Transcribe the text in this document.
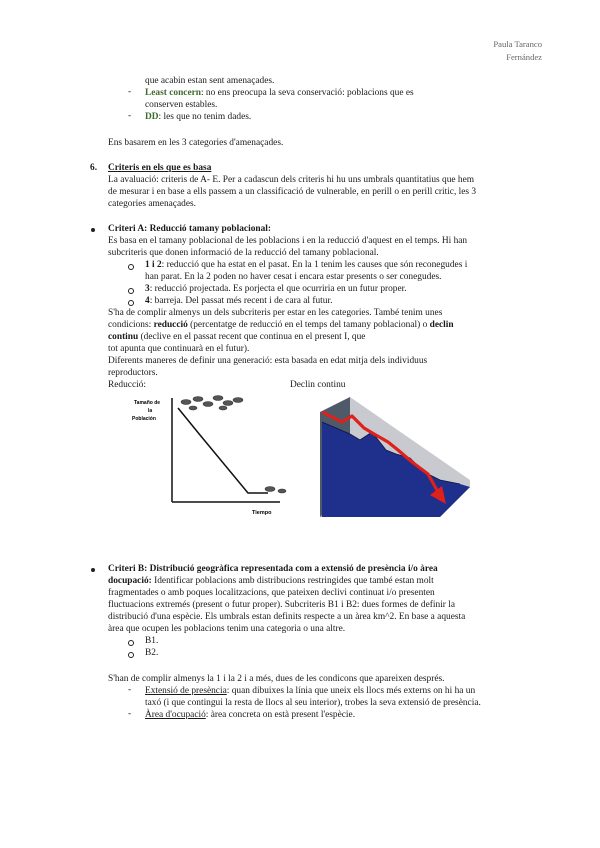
Paula Taranco
Fernández
que acabin estan sent amenaçades.
- Least concern: no ens preocupa la seva conservació: poblacions que es
conserven estables.
- DD: les que no tenim dades.
Ens basarem en les 3 categories d'amenaçades.
6. Criteris en els que es basa
La avaluació: criteris de A- E. Per a cadascun dels criteris hi hu uns umbrals quantitatius que hem
de mesurar i en base a ells passem a un classificació de vulnerable, en perill o en perill critic, les 3
categories amenaçades.
Criteri A: Reducció tamany poblacional:
Es basa en el tamany poblacional de les poblacions i en la reducció d'aquest en el temps. Hi han
subcriteris que donen informació de la reducció del tamany poblacional.
1 i 2: reducció que ha estat en el pasat. En la 1 tenim les causes que són reconegudes i
han parat. En la 2 poden no haver cesat i encara estar presents o ser conegudes.
3: reducció projectada. Es porjecta el que ocurriria en un futur proper.
4: barreja. Del passat més recent i de cara al futur.
S'ha de complir almenys un dels subcriteris per estar en les categories. També tenim unes
condicions: reducció (percentatge de reducció en el temps del tamany poblacional) o declin
continu (declive en el passat recent que continua en el present I, que
tot apunta que continuarà en el futur).
Diferents maneres de definir una generació: esta basada en edat mitja dels individuus
reproductors.
Reducció:	Declin continu
Tamaño de
la
Población
Tiempo
Criteri B: Distribució geogràfica representada com a extensió de presència i/o àrea
docupació: Identificar poblacions amb distribucions restringides que també estan molt
fragmentades o amb poques localitzacions, que pateixen declivi continuat i/o presenten
fluctuacions extremés (present o futur proper). Subcriteris B1 i B2: dues formes de definir la
distribució d'una espècie. Els umbrals estan definits respecte a un àrea km^2. En base a aquesta
àrea que ocupen les poblacions tenim una categoria o una altre.
B1.
B2.
S'han de complir almenys la 1 i la 2 i a més, dues de les condicons que apareixen després.
- Extensió de presència: quan dibuixes la línia que uneix els llocs més externs on hi ha un
taxó (i que contingui la resta de llocs al seu interior), trobes la seva extensió de presència.
- Àrea d'ocupació: àrea concreta on està present l'espècie.
